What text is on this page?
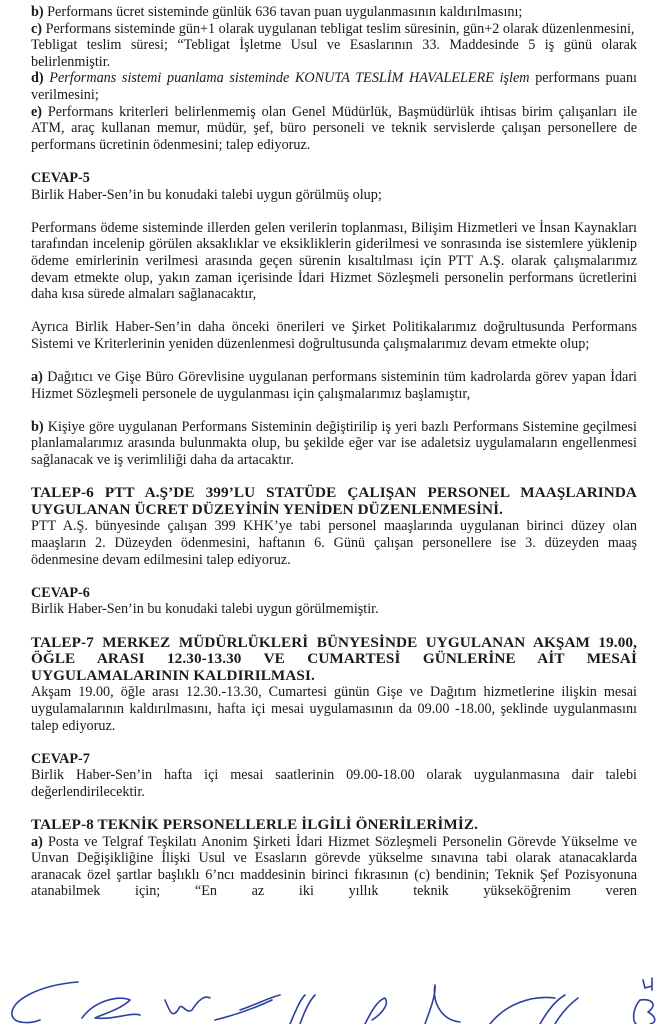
b) Performans ücret sisteminde günlük 636 tavan puan uygulanmasının kaldırılmasını;

c) Performans sisteminde gün+1 olarak uygulanan tebligat teslim süresinin, gün+2 olarak düzenlenmesini,

Tebligat teslim süresi; “Tebligat İşletme Usul ve Esaslarının 33. Maddesinde 5 iş günü olarak belirlenmiştir.

d) Performans sistemi puanlama sisteminde KONUTA TESLİM HAVALELERE işlem performans puanı verilmesini;

e) Performans kriterleri belirlenmemiş olan Genel Müdürlük, Başmüdürlük ihtisas birim çalışanları ile ATM, araç kullanan memur, müdür, şef, büro personeli ve teknik servislerde çalışan personellere de performans ücretinin ödenmesini; talep ediyoruz.

CEVAP-5

Birlik Haber-Sen’in bu konudaki talebi uygun görülmüş olup;

Performans ödeme sisteminde illerden gelen verilerin toplanması, Bilişim Hizmetleri ve İnsan Kaynakları tarafından incelenip görülen aksaklıklar ve eksikliklerin giderilmesi ve sonrasında ise sistemlere yüklenip ödeme emirlerinin verilmesi arasında geçen sürenin kısaltılması için PTT A.Ş. olarak çalışmalarımız devam etmekte olup, yakın zaman içerisinde İdari Hizmet Sözleşmeli personelin performans ücretlerini daha kısa sürede almaları sağlanacaktır,

Ayrıca Birlik Haber-Sen’in daha önceki önerileri ve Şirket Politikalarımız doğrultusunda Performans Sistemi ve Kriterlerinin yeniden düzenlenmesi doğrultusunda çalışmalarımız devam etmekte olup;

a) Dağıtıcı ve Gişe Büro Görevlisine uygulanan performans sisteminin tüm kadrolarda görev yapan İdari Hizmet Sözleşmeli personele de uygulanması için çalışmalarımız başlamıştır,

b) Kişiye göre uygulanan Performans Sisteminin değiştirilip iş yeri bazlı Performans Sistemine geçilmesi planlamalarımız arasında bulunmakta olup, bu şekilde eğer var ise adaletsiz uygulamaların engellenmesi sağlanacak ve iş verimliliği daha da artacaktır.

TALEP-6 PTT A.Ş’DE 399’LU STATÜDE ÇALIŞAN PERSONEL MAAŞLARINDA UYGULANAN ÜCRET DÜZEYİNİN YENİDEN DÜZENLENMESİNİ.

PTT A.Ş. bünyesinde çalışan 399 KHK’ye tabi personel maaşlarında uygulanan birinci düzey olan maaşların 2. Düzeyden ödenmesini, haftanın 6. Günü çalışan personellere ise 3. düzeyden maaş ödenmesine devam edilmesini talep ediyoruz.

CEVAP-6

Birlik Haber-Sen’in bu konudaki talebi uygun görülmemiştir.

TALEP-7 MERKEZ MÜDÜRLÜKLERİ BÜNYESİNDE UYGULANAN AKŞAM 19.00, ÖĞLE ARASI 12.30-13.30 VE CUMARTESİ GÜNLERİNE AİT MESAİ UYGULAMALARININ KALDIRILMASI.

Akşam 19.00, öğle arası 12.30.-13.30, Cumartesi günün Gişe ve Dağıtım hizmetlerine ilişkin mesai uygulamalarının kaldırılmasını, hafta içi mesai uygulamasının da 09.00 -18.00, şeklinde uygulanmasını talep ediyoruz.

CEVAP-7

Birlik Haber-Sen’in hafta içi mesai saatlerinin 09.00-18.00 olarak uygulanmasına dair talebi değerlendirilecektir.

TALEP-8 TEKNİK PERSONELLERLE İLGİLİ ÖNERİLERİMİZ.

a) Posta ve Telgraf Teşkilatı Anonim Şirketi İdari Hizmet Sözleşmeli Personelin Görevde Yükselme ve Unvan Değişikliğine İlişki Usul ve Esasların görevde yükselme sınavına tabi olarak atanacaklarda aranacak özel şartlar başlıklı 6’ncı maddesinin birinci fıkrasının (c) bendinin; Teknik Şef Pozisyonuna atanabilmek için; “En az iki yıllık teknik yükseköğrenim veren
